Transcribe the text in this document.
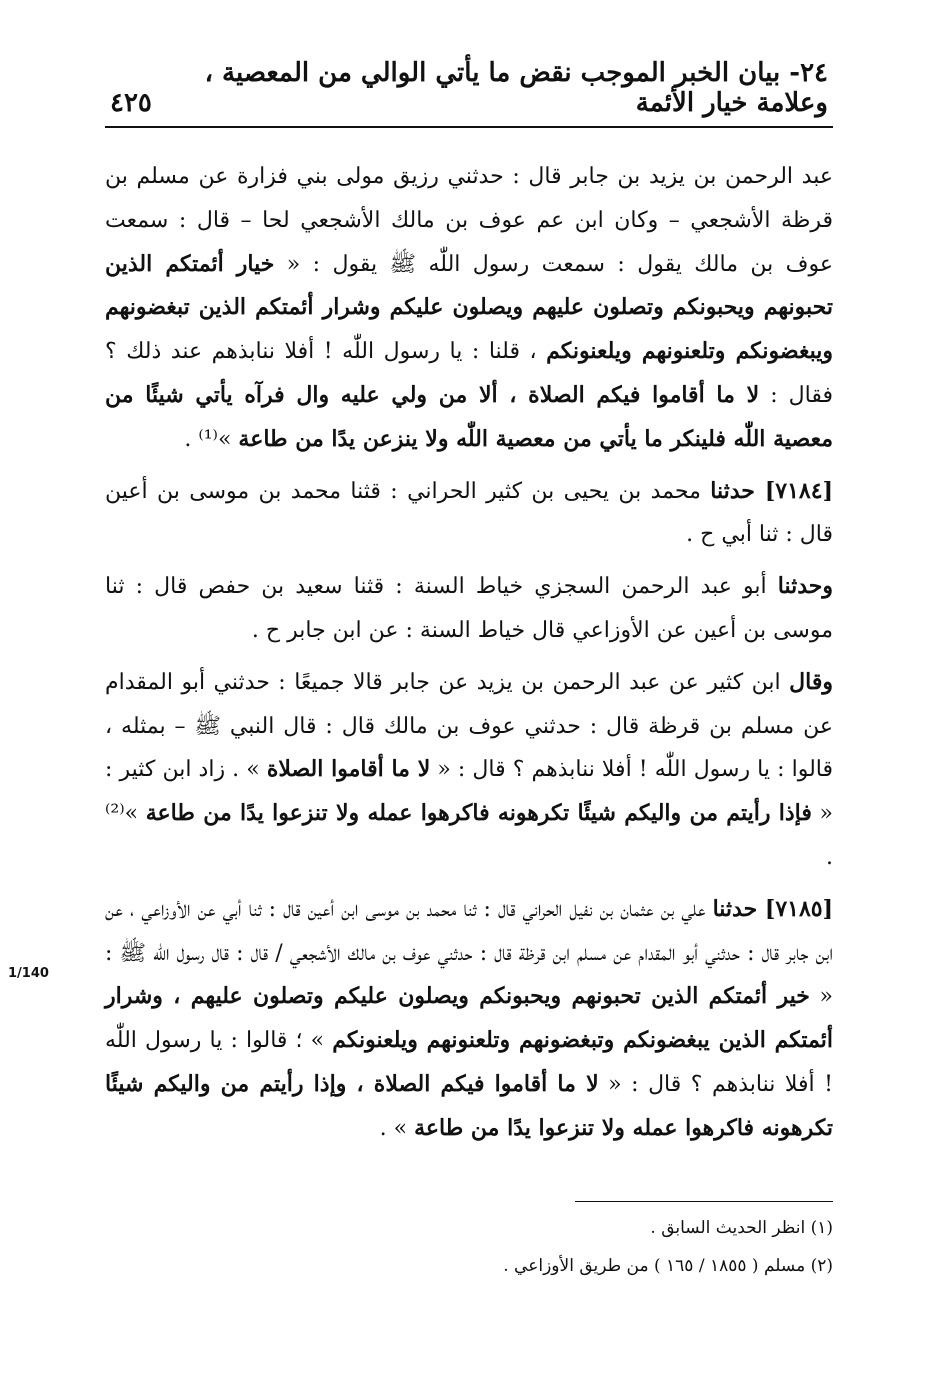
٢٤- بيان الخبر الموجب نقض ما يأتي الوالي من المعصية ، وعلامة خيار الأئمة
٤٢٥

عبد الرحمن بن يزيد بن جابر قال : حدثني رزيق مولى بني فزارة عن مسلم بن قرظة الأشجعي – وكان ابن عم عوف بن مالك الأشجعي لحا – قال : سمعت عوف بن مالك يقول : سمعت رسول اللّٰه ﷺ يقول : « خيار أئمتكم الذين تحبونهم ويحبونكم وتصلون عليهم ويصلون عليكم وشرار أئمتكم الذين تبغضونهم ويبغضونكم وتلعنونهم ويلعنونكم ، قلنا : يا رسول اللّٰه ! أفلا ننابذهم عند ذلك ؟ فقال : لا ما أقاموا فيكم الصلاة ، ألا من ولي عليه وال فرآه يأتي شيئًا من معصية اللّٰه فلينكر ما يأتي من معصية اللّٰه ولا ينزعن يدًا من طاعة »⁽¹⁾ .

[٧١٨٤] حدثنا محمد بن يحيى بن كثير الحراني : قثنا محمد بن موسى بن أعين قال : ثنا أبي ح .

وحدثنا أبو عبد الرحمن السجزي خياط السنة : قثنا سعيد بن حفص قال : ثنا موسى بن أعين عن الأوزاعي قال خياط السنة : عن ابن جابر ح .

وقال ابن كثير عن عبد الرحمن بن يزيد عن جابر قالا جميعًا : حدثني أبو المقدام عن مسلم بن قرظة قال : حدثني عوف بن مالك قال : قال النبي ﷺ – بمثله ، قالوا : يا رسول اللّٰه ! أفلا ننابذهم ؟ قال : « لا ما أقاموا الصلاة » . زاد ابن كثير : « فإذا رأيتم من واليكم شيئًا تكرهونه فاكرهوا عمله ولا تنزعوا يدًا من طاعة »⁽²⁾ .

[٧١٨٥] حدثنا علي بن عثمان بن نفيل الحراني قال : ثنا محمد بن موسى ابن أعين قال : ثنا أبي عن الأوزاعي ، عن ابن جابر قال : حدثني أبو المقدام عن مسلم ابن قرظة قال : حدثني عوف بن مالك الأشجعي / قال : قال رسول اللّٰه ﷺ : « خير أئمتكم الذين تحبونهم ويحبونكم ويصلون عليكم وتصلون عليهم ، وشرار أئمتكم الذين يبغضونكم وتبغضونهم وتلعنونهم ويلعنونكم » ؛ قالوا : يا رسول اللّٰه ! أفلا ننابذهم ؟ قال : « لا ما أقاموا فيكم الصلاة ، وإذا رأيتم من واليكم شيئًا تكرهونه فاكرهوا عمله ولا تنزعوا يدًا من طاعة » .

1/140

(١) انظر الحديث السابق .

(٢) مسلم ( ١٨٥٥ / ١٦٥ ) من طريق الأوزاعي .
